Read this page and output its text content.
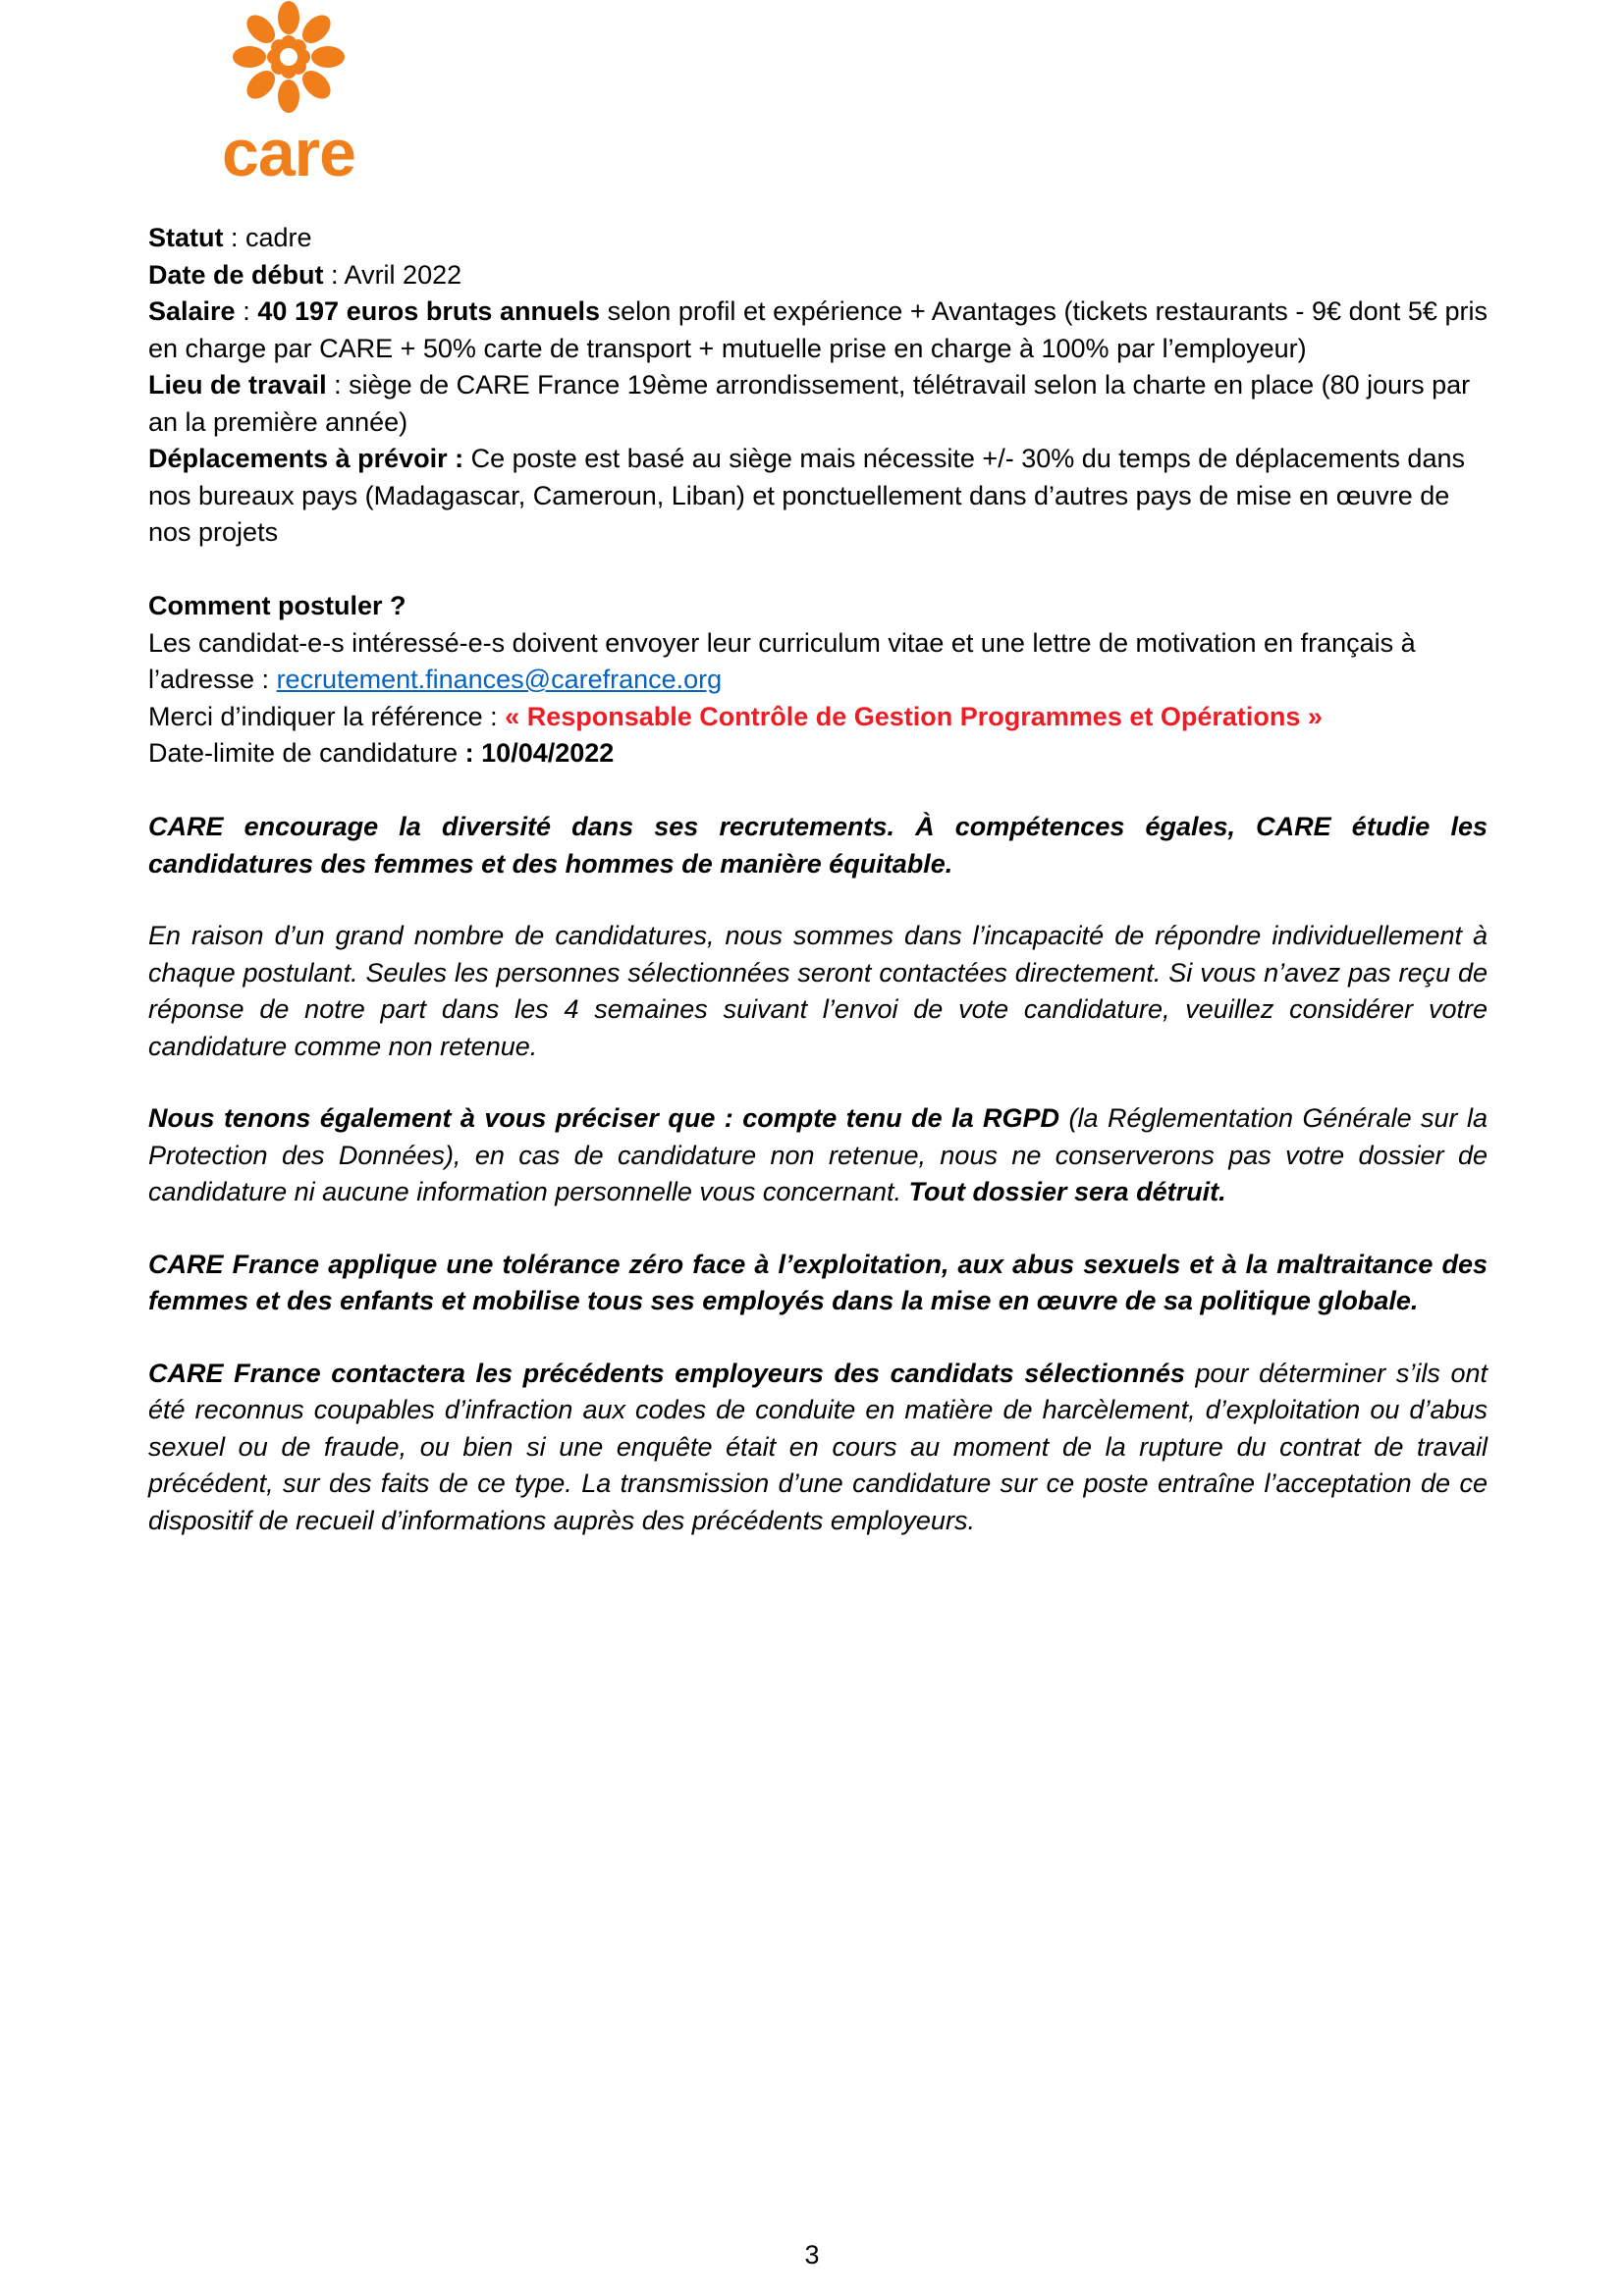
care

Statut : cadre

Date de début : Avril 2022

Salaire : 40 197 euros bruts annuels selon profil et expérience + Avantages (tickets restaurants - 9€ dont 5€ pris en charge par CARE + 50% carte de transport + mutuelle prise en charge à 100% par l’employeur)

Lieu de travail : siège de CARE France 19ème arrondissement, télétravail selon la charte en place (80 jours par an la première année)

Déplacements à prévoir : Ce poste est basé au siège mais nécessite +/- 30% du temps de déplacements dans nos bureaux pays (Madagascar, Cameroun, Liban) et ponctuellement dans d’autres pays de mise en œuvre de nos projets

Comment postuler ?

Les candidat-e-s intéressé-e-s doivent envoyer leur curriculum vitae et une lettre de motivation en français à l’adresse : recrutement.finances@carefrance.org

Merci d’indiquer la référence : « Responsable Contrôle de Gestion Programmes et Opérations »

Date-limite de candidature : 10/04/2022

CARE encourage la diversité dans ses recrutements. À compétences égales, CARE étudie les candidatures des femmes et des hommes de manière équitable.

En raison d’un grand nombre de candidatures, nous sommes dans l’incapacité de répondre individuellement à chaque postulant. Seules les personnes sélectionnées seront contactées directement. Si vous n’avez pas reçu de réponse de notre part dans les 4 semaines suivant l’envoi de vote candidature, veuillez considérer votre candidature comme non retenue.

Nous tenons également à vous préciser que : compte tenu de la RGPD (la Réglementation Générale sur la Protection des Données), en cas de candidature non retenue, nous ne conserverons pas votre dossier de candidature ni aucune information personnelle vous concernant. Tout dossier sera détruit.

CARE France applique une tolérance zéro face à l’exploitation, aux abus sexuels et à la maltraitance des femmes et des enfants et mobilise tous ses employés dans la mise en œuvre de sa politique globale.

CARE France contactera les précédents employeurs des candidats sélectionnés pour déterminer s’ils ont été reconnus coupables d’infraction aux codes de conduite en matière de harcèlement, d’exploitation ou d’abus sexuel ou de fraude, ou bien si une enquête était en cours au moment de la rupture du contrat de travail précédent, sur des faits de ce type. La transmission d’une candidature sur ce poste entraîne l’acceptation de ce dispositif de recueil d’informations auprès des précédents employeurs.

3
